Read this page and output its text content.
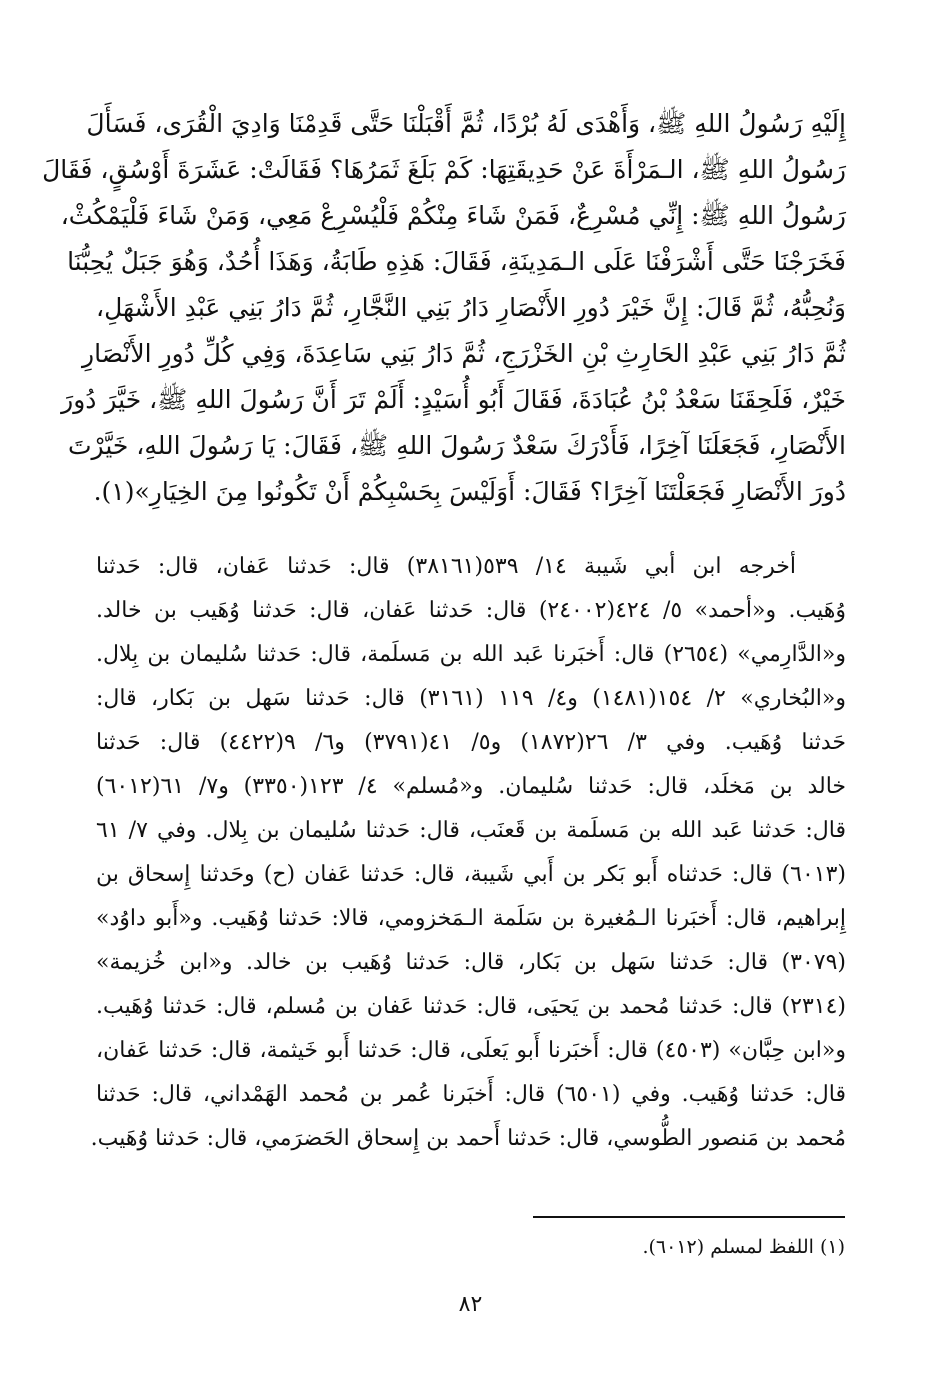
إِلَيْهِ رَسُولُ اللهِ ﷺ، وَأَهْدَى لَهُ بُرْدًا، ثُمَّ أَقْبَلْنَا حَتَّى قَدِمْنَا وَادِيَ الْقُرَى، فَسَأَلَ
رَسُولُ اللهِ ﷺ، الـمَرْأَةَ عَنْ حَدِيقَتِهَا: كَمْ بَلَغَ ثَمَرُهَا؟ فَقَالَتْ: عَشَرَةَ أَوْسُقٍ، فَقَالَ
رَسُولُ اللهِ ﷺ: إِنِّي مُسْرِعٌ، فَمَنْ شَاءَ مِنْكُمْ فَلْيُسْرِعْ مَعِي، وَمَنْ شَاءَ فَلْيَمْكُثْ،
فَخَرَجْنَا حَتَّى أَشْرَفْنَا عَلَى الـمَدِينَةِ، فَقَالَ: هَذِهِ طَابَةُ، وَهَذَا أُحُدٌ، وَهُوَ جَبَلٌ يُحِبُّنَا
وَنُحِبُّهُ، ثُمَّ قَالَ: إِنَّ خَيْرَ دُورِ الأَنْصَارِ دَارُ بَنِي النَّجَّارِ، ثُمَّ دَارُ بَنِي عَبْدِ الأَشْهَلِ،
ثُمَّ دَارُ بَنِي عَبْدِ الحَارِثِ بْنِ الخَزْرَجِ، ثُمَّ دَارُ بَنِي سَاعِدَةَ، وَفِي كُلِّ دُورِ الأَنْصَارِ
خَيْرٌ، فَلَحِقَنَا سَعْدُ بْنُ عُبَادَةَ، فَقَالَ أَبُو أُسَيْدٍ: أَلَمْ تَرَ أَنَّ رَسُولَ اللهِ ﷺ، خَيَّرَ دُورَ
الأَنْصَارِ، فَجَعَلَنَا آخِرًا، فَأَدْرَكَ سَعْدٌ رَسُولَ اللهِ ﷺ، فَقَالَ: يَا رَسُولَ اللهِ، خَيَّرْتَ
دُورَ الأَنْصَارِ فَجَعَلْتَنَا آخِرًا؟ فَقَالَ: أَوَلَيْسَ بِحَسْبِكُمْ أَنْ تَكُونُوا مِنَ الخِيَارِ»(١).
أخرجه ابن أبي شَيبة ١٤/ ٥٣٩(٣٨١٦١) قال: حَدثنا عَفان، قال: حَدثنا
وُهَيب. و«أحمد» ٥/ ٤٢٤(٢٤٠٠٢) قال: حَدثنا عَفان، قال: حَدثنا وُهَيب بن خالد.
و«الدَّارِمي» (٢٦٥٤) قال: أَخبَرنا عَبد الله بن مَسلَمة، قال: حَدثنا سُليمان بن بِلال.
و«البُخاري» ٢/ ١٥٤(١٤٨١) و٤/ ١١٩ (٣١٦١) قال: حَدثنا سَهل بن بَكار، قال:
حَدثنا وُهَيب. وفي ٣/ ٢٦(١٨٧٢) و٥/ ٤١(٣٧٩١) و٦/ ٩(٤٤٢٢) قال: حَدثنا
خالد بن مَخلَد، قال: حَدثنا سُليمان. و«مُسلم» ٤/ ١٢٣(٣٣٥٠) و٧/ ٦١(٦٠١٢)
قال: حَدثنا عَبد الله بن مَسلَمة بن قَعنَب، قال: حَدثنا سُليمان بن بِلال. وفي ٧/ ٦١
(٦٠١٣) قال: حَدثناه أَبو بَكر بن أَبي شَيبة، قال: حَدثنا عَفان (ح) وحَدثنا إِسحاق بن
إِبراهيم، قال: أَخبَرنا الـمُغيرة بن سَلَمة الـمَخزومي، قالا: حَدثنا وُهَيب. و«أَبو داوُد»
(٣٠٧٩) قال: حَدثنا سَهل بن بَكار، قال: حَدثنا وُهَيب بن خالد. و«ابن خُزيمة»
(٢٣١٤) قال: حَدثنا مُحمد بن يَحيَى، قال: حَدثنا عَفان بن مُسلم، قال: حَدثنا وُهَيب.
و«ابن حِبَّان» (٤٥٠٣) قال: أَخبَرنا أَبو يَعلَى، قال: حَدثنا أَبو خَيثمة، قال: حَدثنا عَفان،
قال: حَدثنا وُهَيب. وفي (٦٥٠١) قال: أَخبَرنا عُمر بن مُحمد الهَمْداني، قال: حَدثنا
مُحمد بن مَنصور الطُّوسي، قال: حَدثنا أَحمد بن إِسحاق الحَضرَمي، قال: حَدثنا وُهَيب.
(١) اللفظ لمسلم (٦٠١٢).
٨٢
